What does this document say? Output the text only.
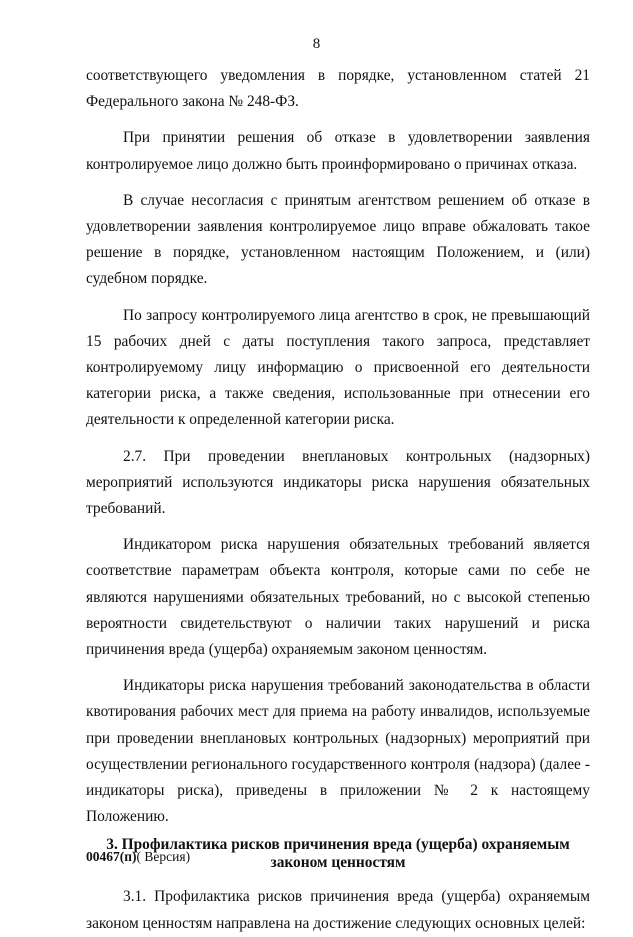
8

соответствующего уведомления в порядке, установленном статей 21 Федерального закона № 248-ФЗ.

При принятии решения об отказе в удовлетворении заявления контролируемое лицо должно быть проинформировано о причинах отказа.

В случае несогласия с принятым агентством решением об отказе в удовлетворении заявления контролируемое лицо вправе обжаловать такое решение в порядке, установленном настоящим Положением, и (или) судебном порядке.

По запросу контролируемого лица агентство в срок, не превышающий 15 рабочих дней с даты поступления такого запроса, представляет контролируемому лицу информацию о присвоенной его деятельности категории риска, а также сведения, использованные при отнесении его деятельности к определенной категории риска.

2.7. При проведении внеплановых контрольных (надзорных) мероприятий используются индикаторы риска нарушения обязательных требований.

Индикатором риска нарушения обязательных требований является соответствие параметрам объекта контроля, которые сами по себе не являются нарушениями обязательных требований, но с высокой степенью вероятности свидетельствуют о наличии таких нарушений и риска причинения вреда (ущерба) охраняемым законом ценностям.

Индикаторы риска нарушения требований законодательства в области квотирования рабочих мест для приема на работу инвалидов, используемые при проведении внеплановых контрольных (надзорных) мероприятий при осуществлении регионального государственного контроля (надзора) (далее - индикаторы риска), приведены в приложении № 2 к настоящему Положению.

3. Профилактика рисков причинения вреда (ущерба) охраняемым
законом ценностям

3.1. Профилактика рисков причинения вреда (ущерба) охраняемым законом ценностям направлена на достижение следующих основных целей:

00467(п)( Версия)
